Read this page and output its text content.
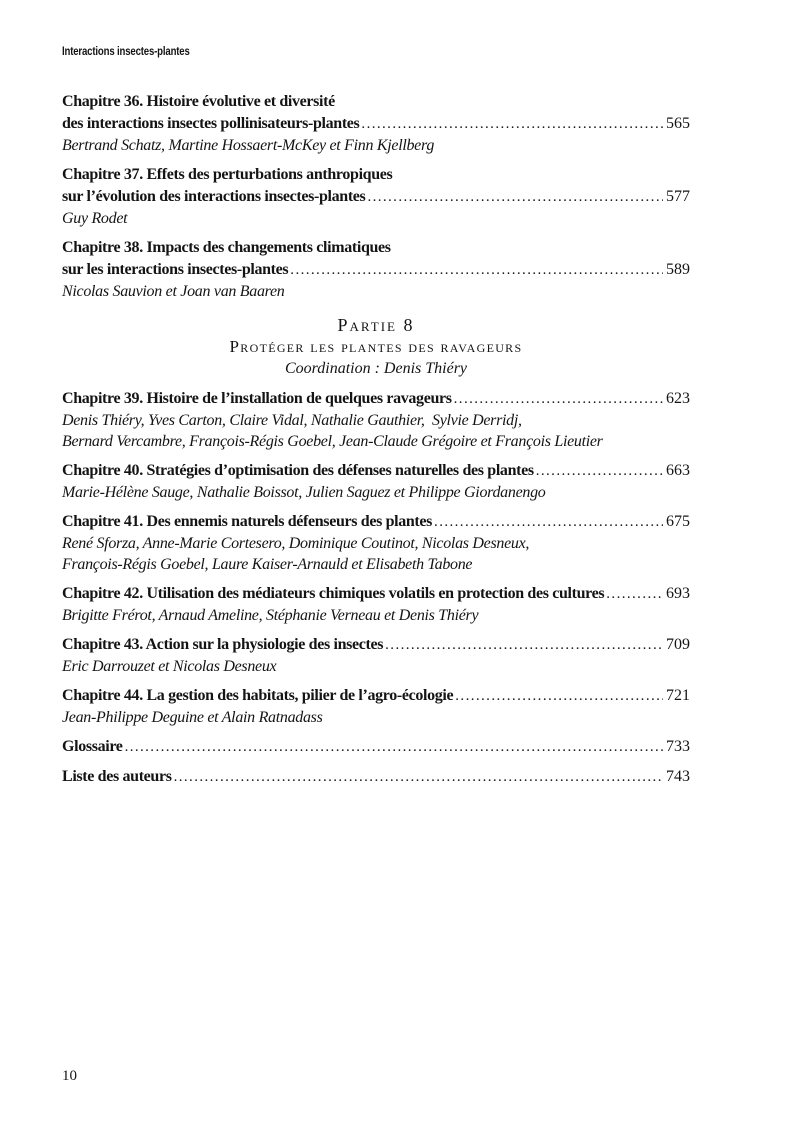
Interactions insectes-plantes
Chapitre 36. Histoire évolutive et diversité
des interactions insectes pollinisateurs-plantes .....	565
Bertrand Schatz, Martine Hossaert-McKey et Finn Kjellberg
Chapitre 37. Effets des perturbations anthropiques
sur l’évolution des interactions insectes-plantes .....	577
Guy Rodet
Chapitre 38. Impacts des changements climatiques
sur les interactions insectes-plantes .....	589
Nicolas Sauvion et Joan van Baaren
Partie 8
Protéger les plantes des ravageurs
Coordination : Denis Thiéry
Chapitre 39. Histoire de l’installation de quelques ravageurs .....	623
Denis Thiéry, Yves Carton, Claire Vidal, Nathalie Gauthier,  Sylvie Derridj,
Bernard Vercambre, François-Régis Goebel, Jean-Claude Grégoire et François Lieutier
Chapitre 40. Stratégies d’optimisation des défenses naturelles des plantes .....	663
Marie-Hélène Sauge, Nathalie Boissot, Julien Saguez et Philippe Giordanengo
Chapitre 41. Des ennemis naturels défenseurs des plantes .....	675
René Sforza, Anne-Marie Cortesero, Dominique Coutinot, Nicolas Desneux,
François-Régis Goebel, Laure Kaiser-Arnauld et Elisabeth Tabone
Chapitre 42. Utilisation des médiateurs chimiques volatils en protection des cultures .....	693
Brigitte Frérot, Arnaud Ameline, Stéphanie Verneau et Denis Thiéry
Chapitre 43. Action sur la physiologie des insectes .....	709
Eric Darrouzet et Nicolas Desneux
Chapitre 44. La gestion des habitats, pilier de l’agro-écologie .....	721
Jean-Philippe Deguine et Alain Ratnadass
Glossaire .....	733
Liste des auteurs .....	743
10
